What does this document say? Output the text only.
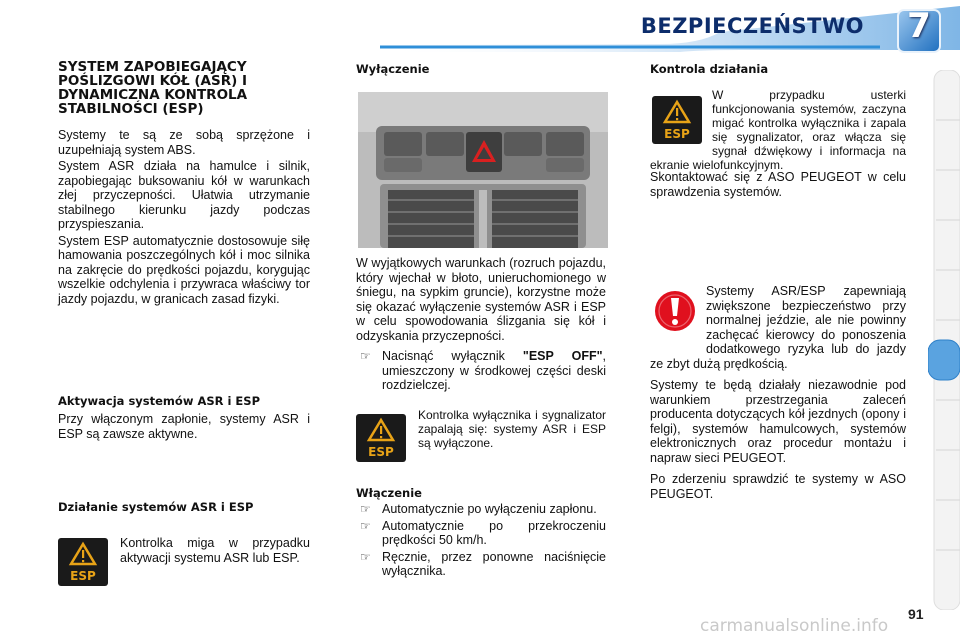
BEZPIECZEŃSTWO	7
SYSTEM ZAPOBIEGAJĄCY
POŚLIZGOWI KÓŁ (ASR) I
DYNAMICZNA KONTROLA
STABILNOŚCI (ESP)

Systemy te są ze sobą sprzężone i uzupełniają system ABS.

System ASR działa na hamulce i silnik, zapobiegając buksowaniu kół w warunkach złej przyczepności. Ułatwia utrzymanie stabilnego kierunku jazdy podczas przyspieszania.

System ESP automatycznie dostosowuje siłę hamowania poszczególnych kół i moc silnika na zakręcie do prędkości pojazdu, korygując wszelkie odchylenia i przywraca właściwy tor jazdy pojazdu, w granicach zasad fizyki.

Aktywacja systemów ASR i ESP

Przy włączonym zapłonie, systemy ASR i ESP są zawsze aktywne.

Działanie systemów ASR i ESP
ESP

Kontrolka miga w przypadku aktywacji systemu ASR lub ESP.

Wyłączenie

W wyjątkowych warunkach (rozruch pojazdu, który wjechał w błoto, unieruchomionego w śniegu, na sypkim gruncie), korzystne może się okazać wyłączenie systemów ASR i ESP w celu spowodowania ślizgania się kół i odzyskania przyczepności.

☞ Nacisnąć wyłącznik "ESP OFF", umieszczony w środkowej części deski rozdzielczej.
ESP

Kontrolka wyłącznika i sygnalizator zapalają się: systemy ASR i ESP są wyłączone.

Włączenie
☞ Automatycznie po wyłączeniu zapłonu.
☞ Automatycznie po przekroczeniu prędkości 50 km/h.
☞ Ręcznie, przez ponowne naciśnięcie wyłącznika.
Kontrola działania
ESP

W przypadku usterki funkcjonowania systemów, zaczyna migać kontrolka wyłącznika i zapala się sygnalizator, oraz włącza się sygnał dźwiękowy i informacja na ekranie wielofunkcyjnym.

Skontaktować się z ASO PEUGEOT w celu sprawdzenia systemów.

Systemy ASR/ESP zapewniają zwiększone bezpieczeństwo przy normalnej jeździe, ale nie powinny zachęcać kierowcy do ponoszenia dodatkowego ryzyka lub do jazdy ze zbyt dużą prędkością.

Systemy te będą działały niezawodnie pod warunkiem przestrzegania zaleceń producenta dotyczących kół jezdnych (opony i felgi), systemów hamulcowych, systemów elektronicznych oraz procedur montażu i napraw sieci PEUGEOT.

Po zderzeniu sprawdzić te systemy w ASO PEUGEOT.

91
carmanualsonline.info
